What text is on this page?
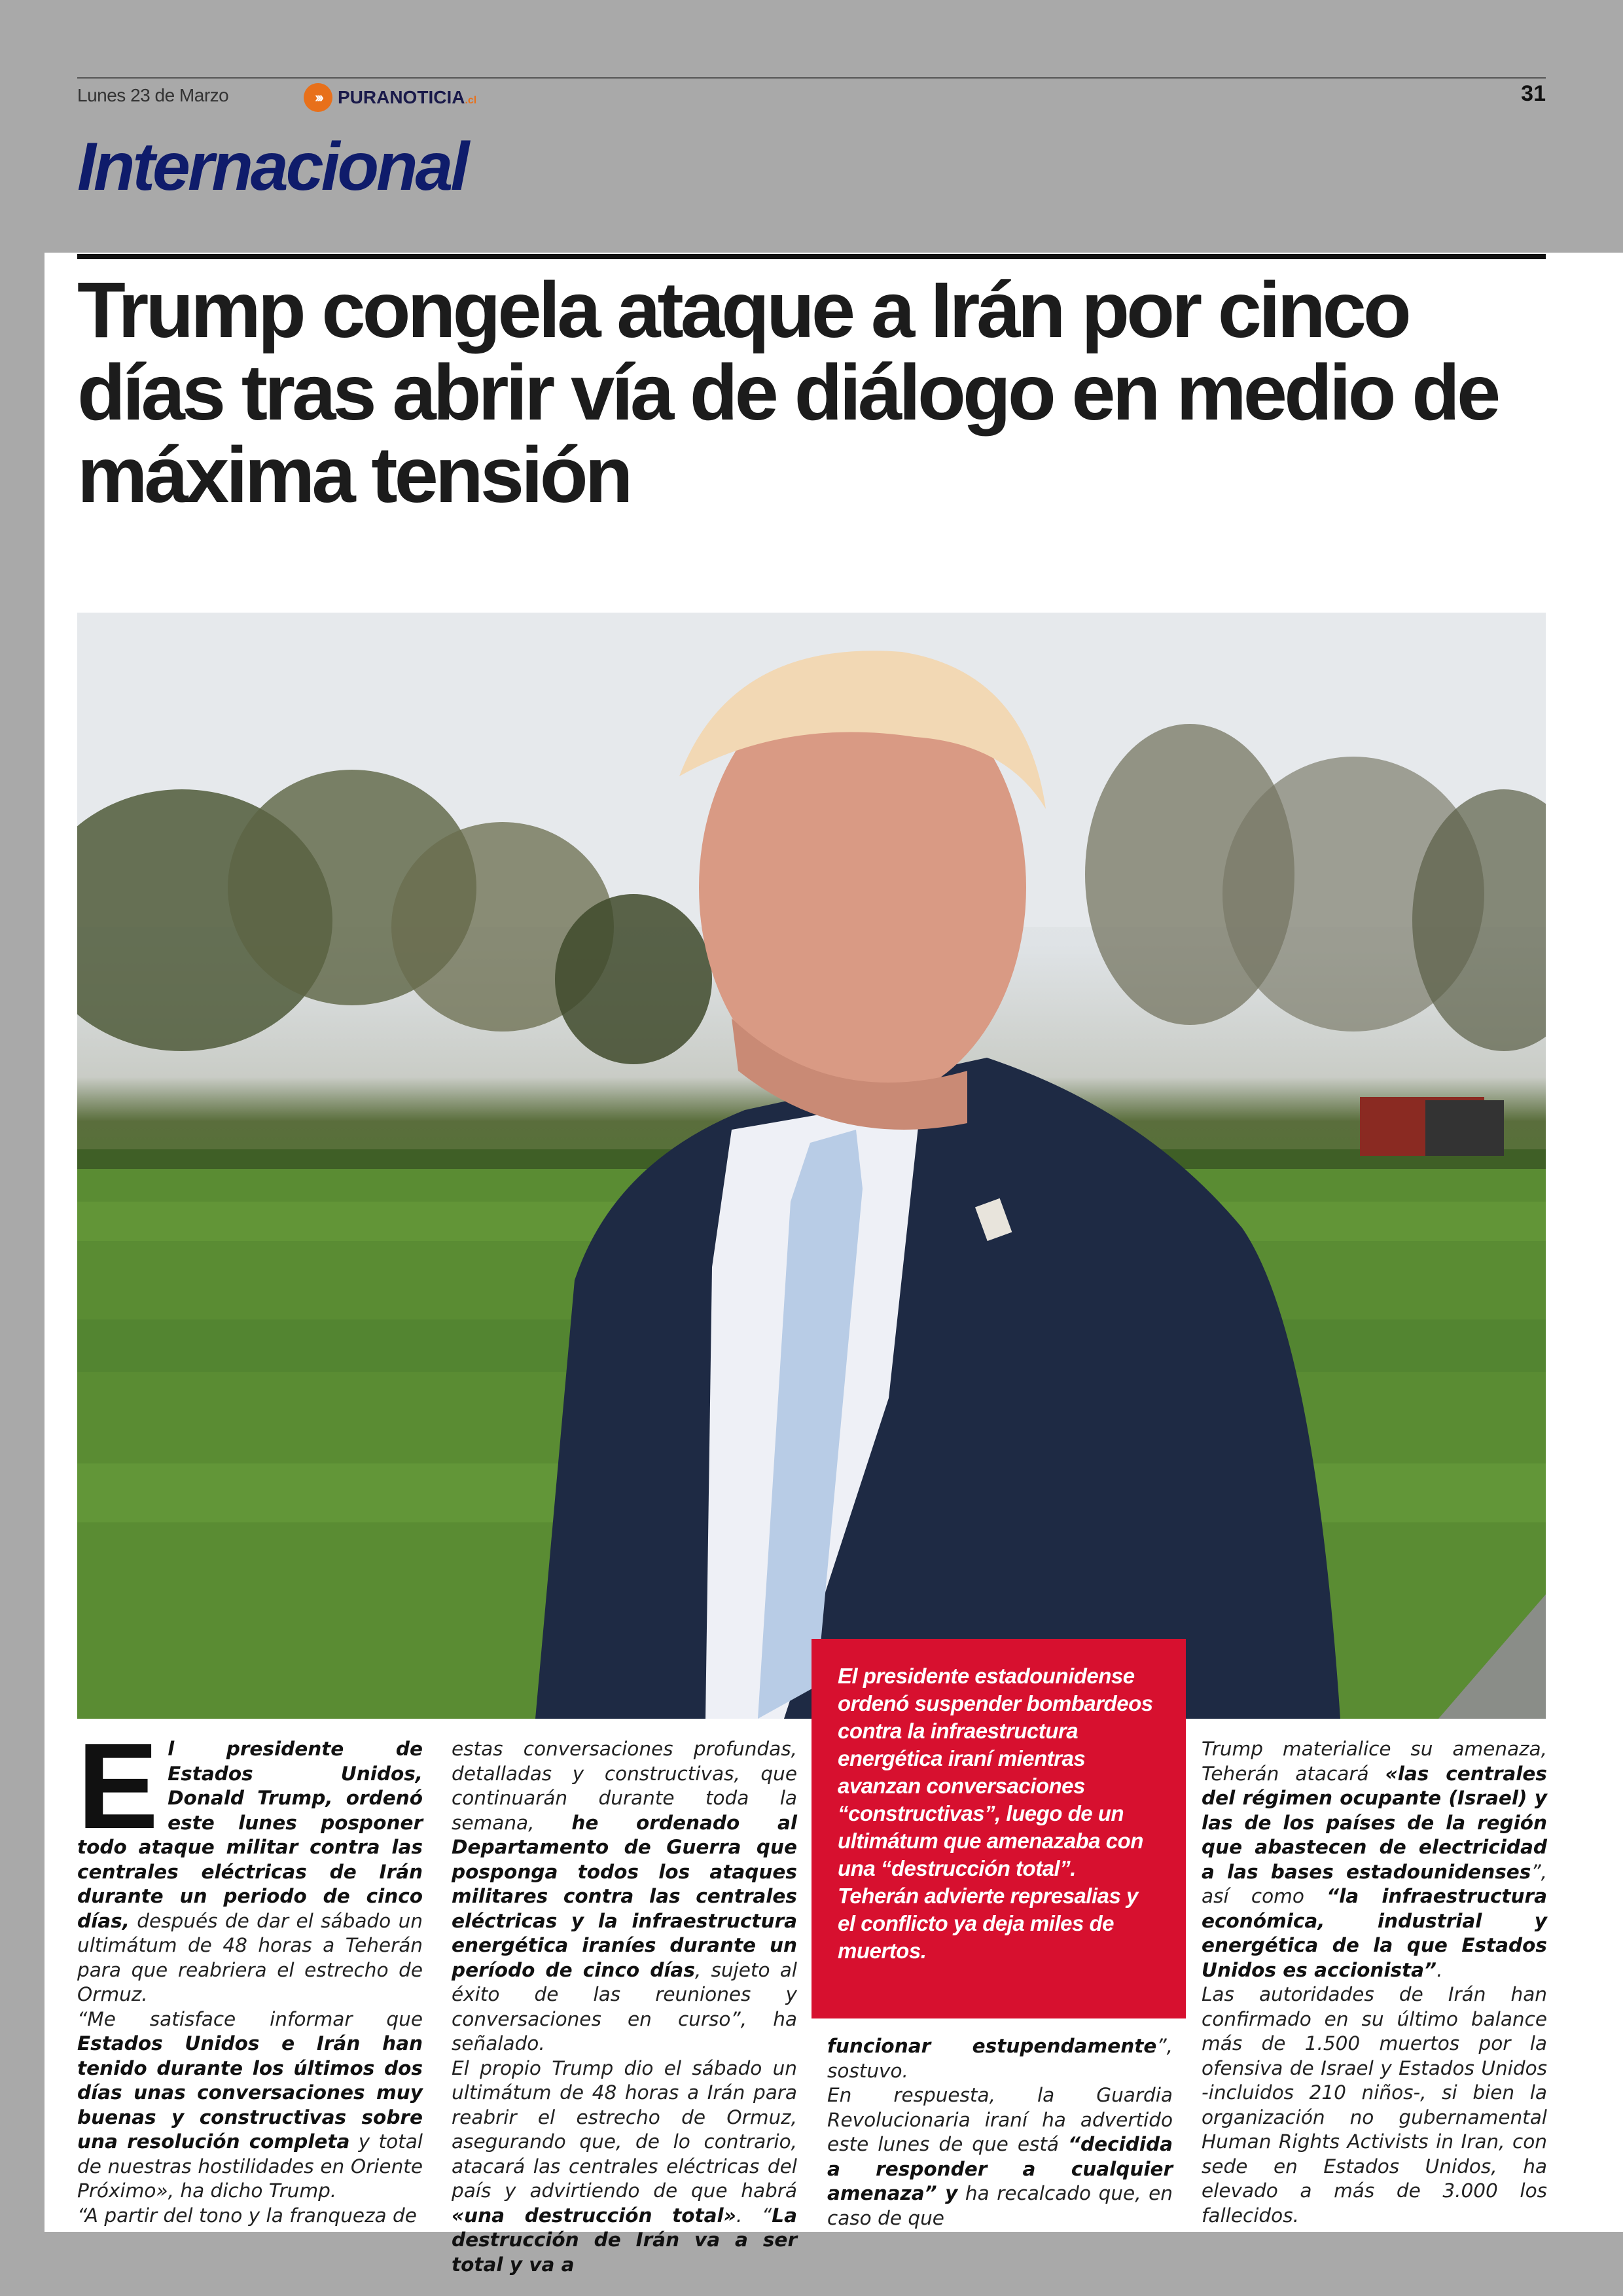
Lunes 23 de Marzo	››› PURANOTICIA.cl	31
Internacional
Trump congela ataque a Irán por cinco días tras abrir vía de diálogo en medio de máxima tensión

El presidente estadounidense ordenó suspender bombardeos contra la infraestructura energética iraní mientras avanzan conversaciones “constructivas”, luego de un ultimátum que amenazaba con una “destrucción total”. Teherán advierte represalias y el conflicto ya deja miles de muertos.

El presidente de Estados Unidos, Donald Trump, ordenó este lunes posponer todo ataque militar contra las centrales eléctricas de Irán durante un periodo de cinco días, después de dar el sábado un ultimátum de 48 horas a Teherán para que reabriera el estrecho de Ormuz.

“Me satisface informar que Estados Unidos e Irán han tenido durante los últimos dos días unas conversaciones muy buenas y constructivas sobre una resolución completa y total de nuestras hostilidades en Oriente Próximo», ha dicho Trump.

“A partir del tono y la franqueza de

estas conversaciones profundas, detalladas y constructivas, que continuarán durante toda la semana, he ordenado al Departamento de Guerra que posponga todos los ataques militares contra las centrales eléctricas y la infraestructura energética iraníes durante un período de cinco días, sujeto al éxito de las reuniones y conversaciones en curso”, ha señalado.

El propio Trump dio el sábado un ultimátum de 48 horas a Irán para reabrir el estrecho de Ormuz, asegurando que, de lo contrario, atacará las centrales eléctricas del país y advirtiendo de que habrá «una destrucción total». “La destrucción de Irán va a ser total y va a

funcionar estupendamente”, sostuvo.

En respuesta, la Guardia Revolucionaria iraní ha advertido este lunes de que está “decidida a responder a cualquier amenaza” y ha recalcado que, en caso de que

Trump materialice su amenaza, Teherán atacará «las centrales del régimen ocupante (Israel) y las de los países de la región que abastecen de electricidad a las bases estadounidenses”, así como “la infraestructura económica, industrial y energética de la que Estados Unidos es accionista”.

Las autoridades de Irán han confirmado en su último balance más de 1.500 muertos por la ofensiva de Israel y Estados Unidos -incluidos 210 niños-, si bien la organización no gubernamental Human Rights Activists in Iran, con sede en Estados Unidos, ha elevado a más de 3.000 los fallecidos.
